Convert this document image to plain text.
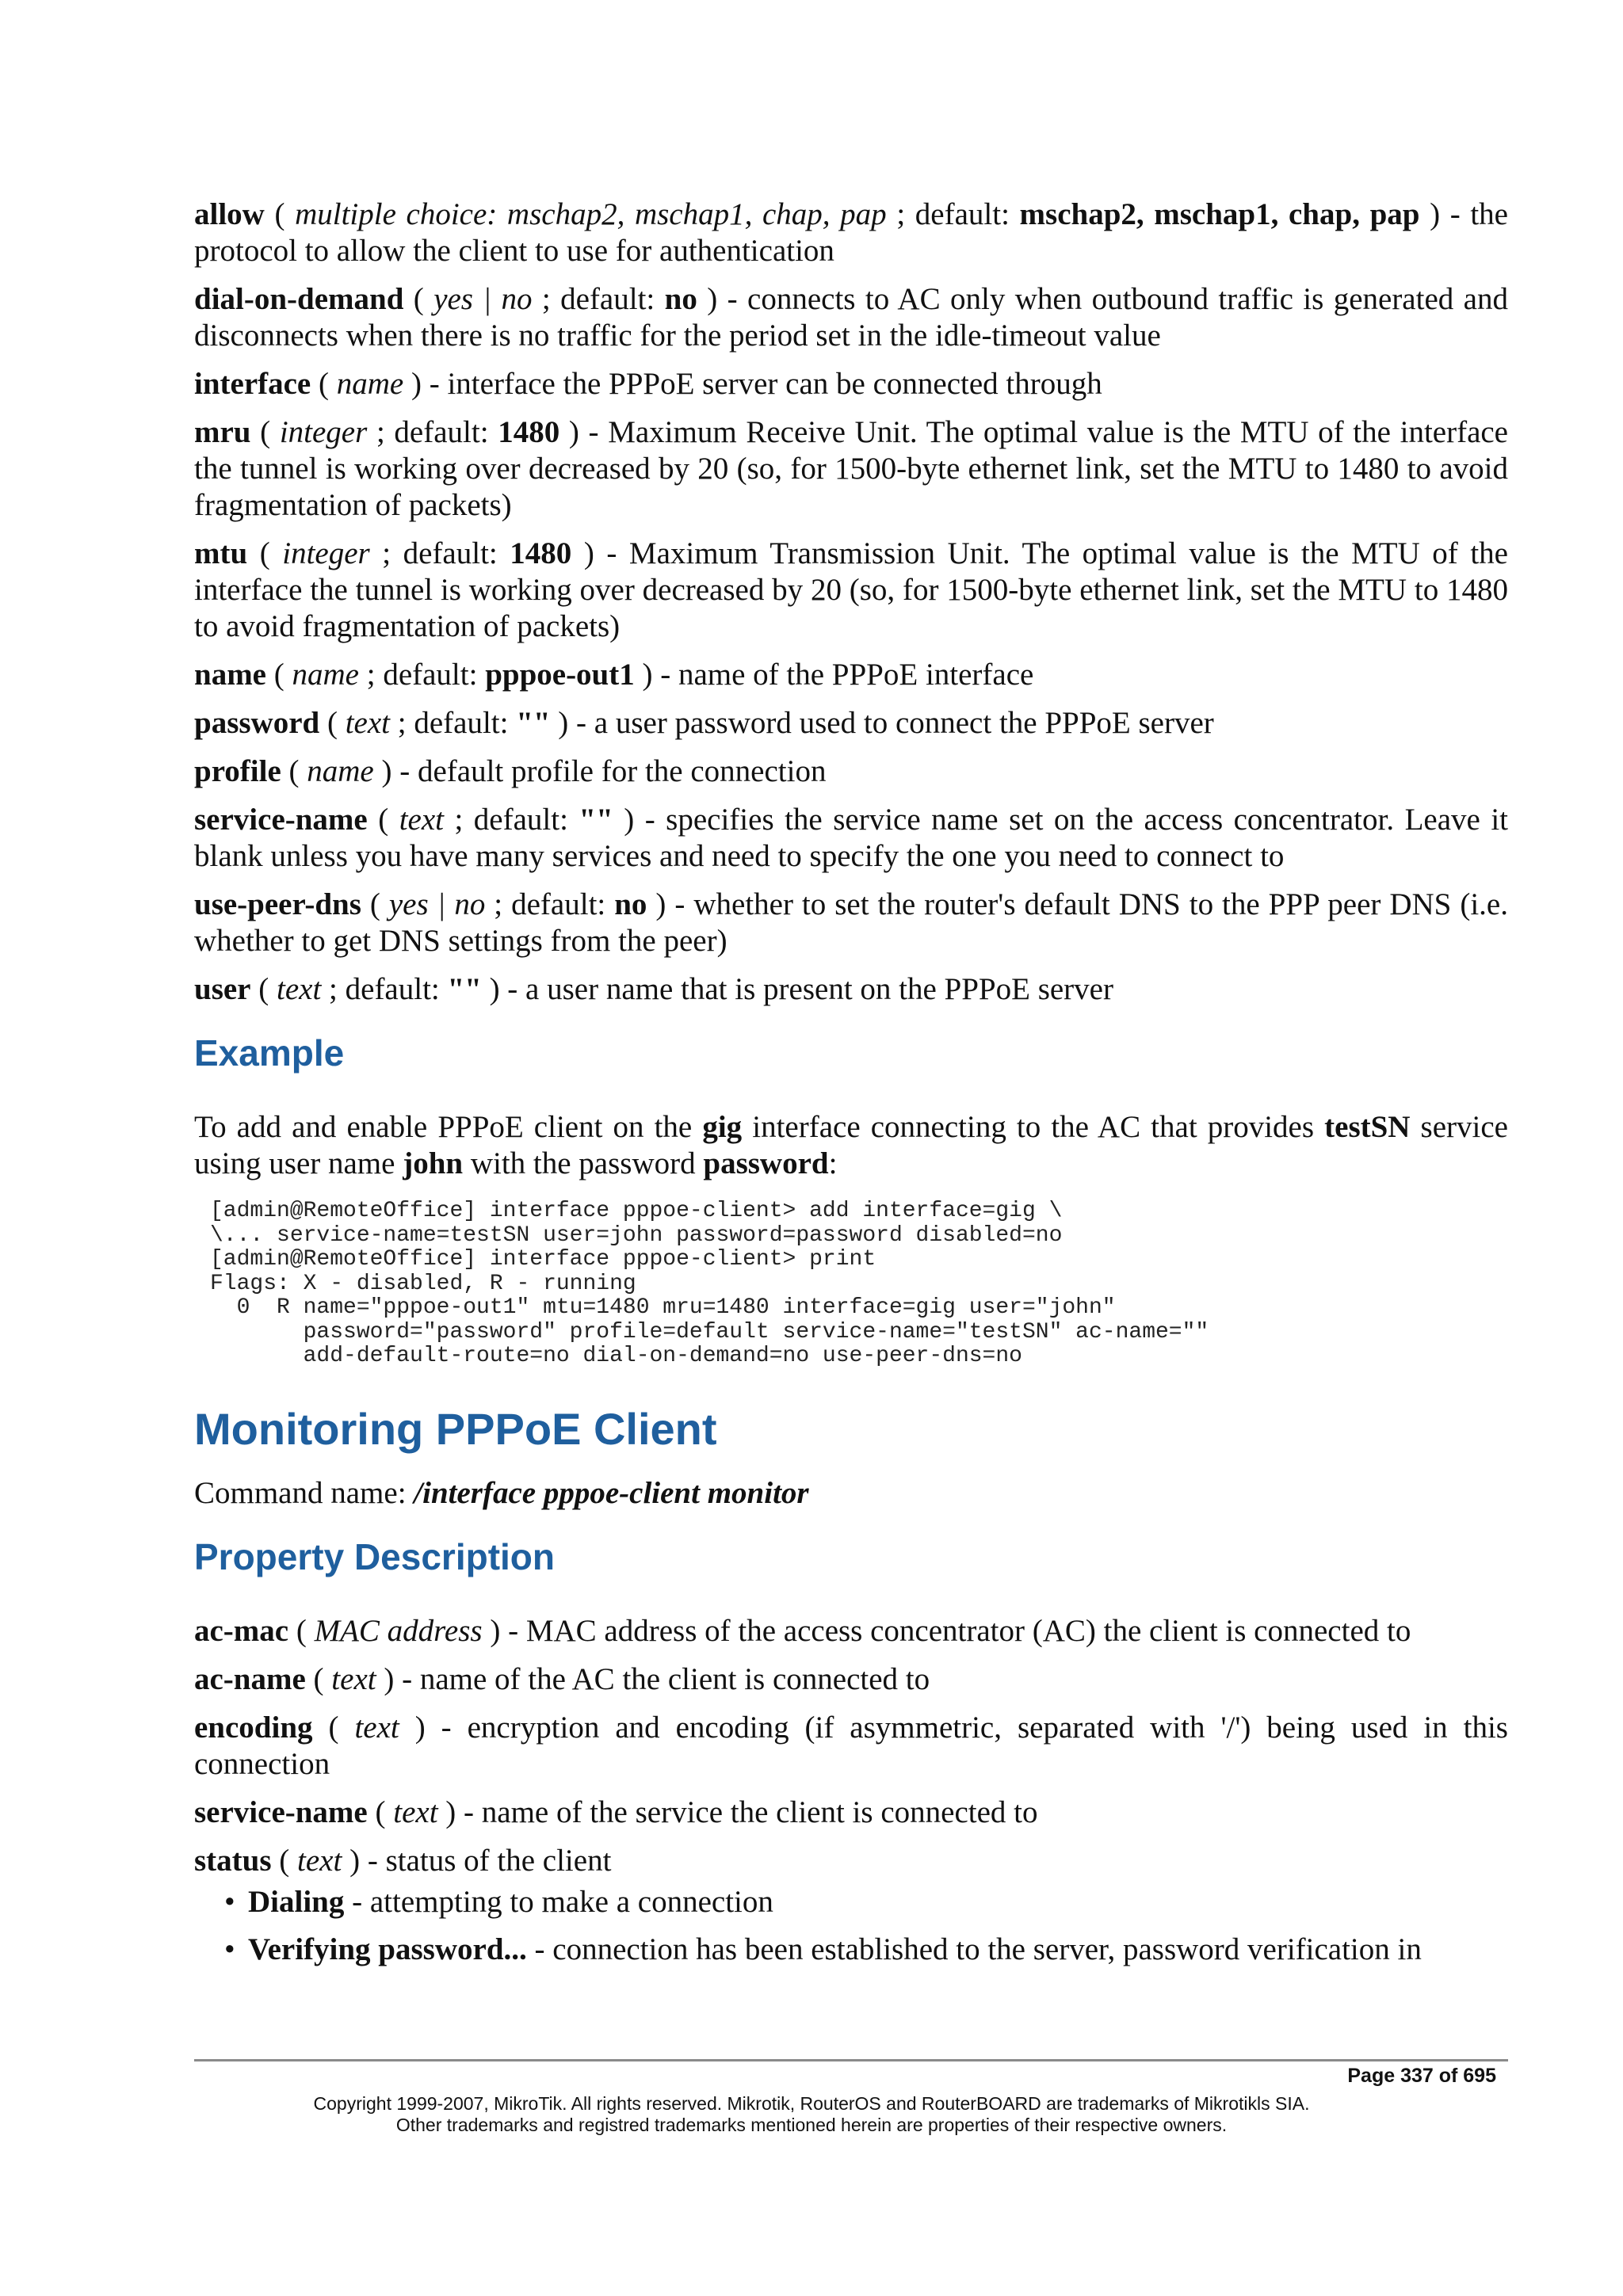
allow ( multiple choice: mschap2, mschap1, chap, pap ; default: mschap2, mschap1, chap, pap ) - the protocol to allow the client to use for authentication

dial-on-demand ( yes | no ; default: no ) - connects to AC only when outbound traffic is generated and disconnects when there is no traffic for the period set in the idle-timeout value

interface ( name ) - interface the PPPoE server can be connected through

mru ( integer ; default: 1480 ) - Maximum Receive Unit. The optimal value is the MTU of the interface the tunnel is working over decreased by 20 (so, for 1500-byte ethernet link, set the MTU to 1480 to avoid fragmentation of packets)

mtu ( integer ; default: 1480 ) - Maximum Transmission Unit. The optimal value is the MTU of the interface the tunnel is working over decreased by 20 (so, for 1500-byte ethernet link, set the MTU to 1480 to avoid fragmentation of packets)

name ( name ; default: pppoe-out1 ) - name of the PPPoE interface

password ( text ; default: "" ) - a user password used to connect the PPPoE server

profile ( name ) - default profile for the connection

service-name ( text ; default: "" ) - specifies the service name set on the access concentrator. Leave it blank unless you have many services and need to specify the one you need to connect to

use-peer-dns ( yes | no ; default: no ) - whether to set the router's default DNS to the PPP peer DNS (i.e. whether to get DNS settings from the peer)

user ( text ; default: "" ) - a user name that is present on the PPPoE server

Example

To add and enable PPPoE client on the gig interface connecting to the AC that provides testSN service using user name john with the password password:

[admin@RemoteOffice] interface pppoe-client> add interface=gig \
\... service-name=testSN user=john password=password disabled=no
[admin@RemoteOffice] interface pppoe-client> print
Flags: X - disabled, R - running
0  R name="pppoe-out1" mtu=1480 mru=1480 interface=gig user="john"
password="password" profile=default service-name="testSN" ac-name=""
add-default-route=no dial-on-demand=no use-peer-dns=no
Monitoring PPPoE Client

Command name: /interface pppoe-client monitor

Property Description

ac-mac ( MAC address ) - MAC address of the access concentrator (AC) the client is connected to

ac-name ( text ) - name of the AC the client is connected to

encoding ( text ) - encryption and encoding (if asymmetric, separated with '/') being used in this connection

service-name ( text ) - name of the service the client is connected to

status ( text ) - status of the client

• Dialing - attempting to make a connection
• Verifying password... - connection has been established to the server, password verification in
Page 337 of 695
Copyright 1999-2007, MikroTik. All rights reserved. Mikrotik, RouterOS and RouterBOARD are trademarks of Mikrotikls SIA.
Other trademarks and registred trademarks mentioned herein are properties of their respective owners.
